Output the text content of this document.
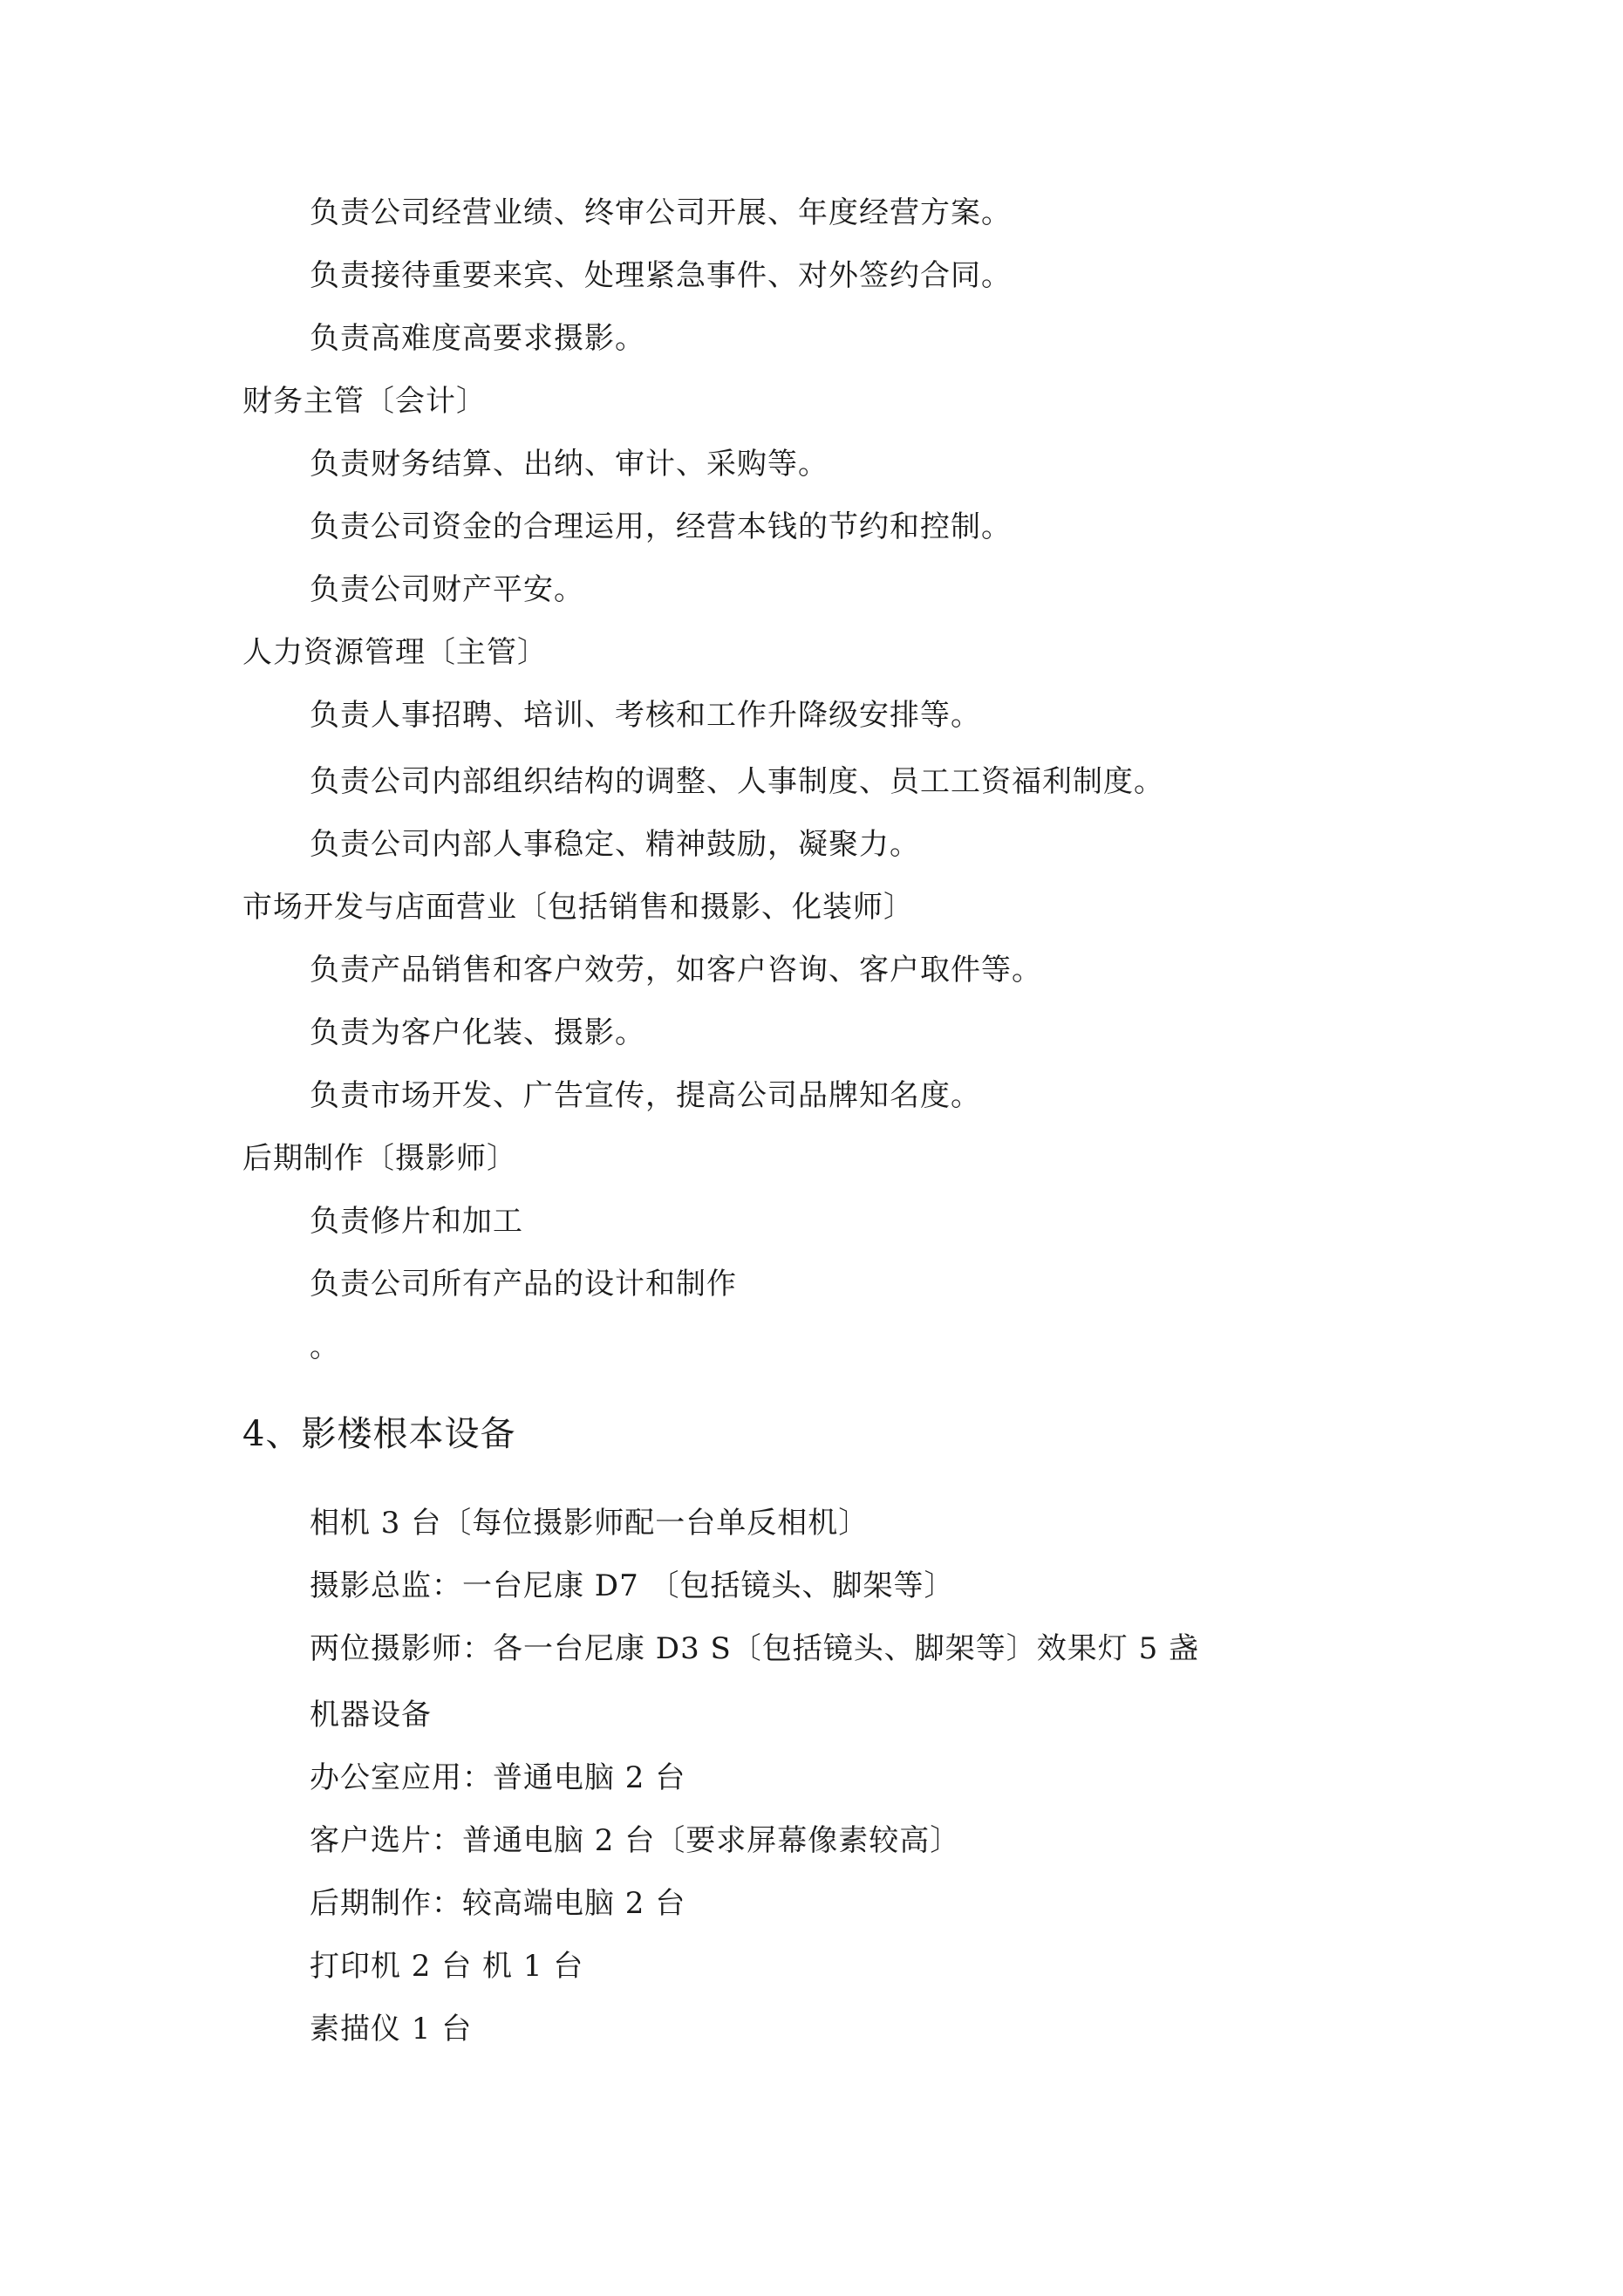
负责公司经营业绩、终审公司开展、年度经营方案。
负责接待重要来宾、处理紧急事件、对外签约合同。
负责高难度高要求摄影。
财务主管〔会计〕
负责财务结算、出纳、审计、采购等。
负责公司资金的合理运用，经营本钱的节约和控制。
负责公司财产平安。
人力资源管理〔主管〕
负责人事招聘、培训、考核和工作升降级安排等。
负责公司内部组织结构的调整、人事制度、员工工资福利制度。
负责公司内部人事稳定、精神鼓励，凝聚力。
市场开发与店面营业〔包括销售和摄影、化装师〕
负责产品销售和客户效劳，如客户咨询、客户取件等。
负责为客户化装、摄影。
负责市场开发、广告宣传，提高公司品牌知名度。
后期制作〔摄影师〕
负责修片和加工
负责公司所有产品的设计和制作
。
4、影楼根本设备
相机 3 台〔每位摄影师配一台单反相机〕
摄影总监：一台尼康 D7 〔包括镜头、脚架等〕
两位摄影师：各一台尼康 D3 S〔包括镜头、脚架等〕效果灯 5 盏
机器设备
办公室应用：普通电脑 2 台
客户选片：普通电脑 2 台〔要求屏幕像素较高〕
后期制作：较高端电脑 2 台
打印机 2 台 机 1 台
素描仪 1 台
